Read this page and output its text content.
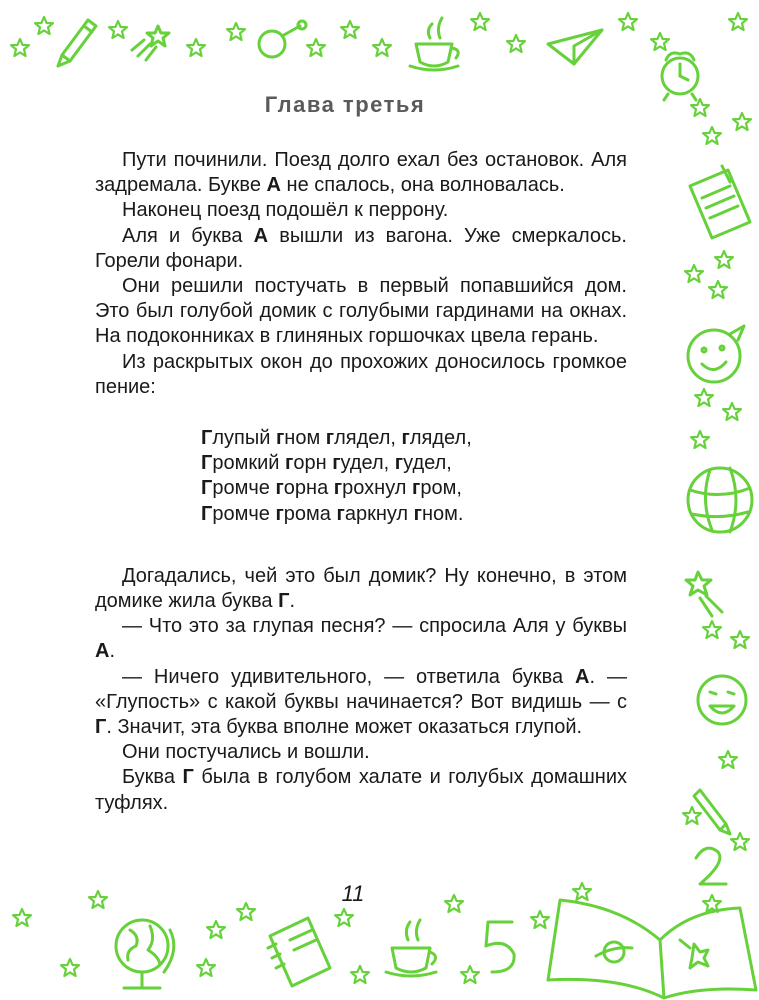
Глава третья

Пути починили. Поезд долго ехал без остановок. Аля задремала. Букве А не спалось, она волновалась.

Наконец поезд подошёл к перрону.

Аля и буква А вышли из вагона. Уже смеркалось. Горели фонари.

Они решили постучать в первый попавшийся дом. Это был голубой домик с голубыми гардинами на окнах. На подоконниках в глиняных горшочках цвела герань.

Из раскрытых окон до прохожих доносилось громкое пение:

Глупый гном глядел, глядел,

Громкий горн гудел, гудел,

Громче горна грохнул гром,

Громче грома гаркнул гном.

Догадались, чей это был домик? Ну конечно, в этом домике жила буква Г.

— Что это за глупая песня? — спросила Аля у буквы А.

— Ничего удивительного, — ответила буква А. — «Глупость» с какой буквы начинается? Вот видишь — с Г. Значит, эта буква вполне может оказаться глупой.

Они постучались и вошли.

Буква Г была в голубом халате и голубых домашних туфлях.

11
